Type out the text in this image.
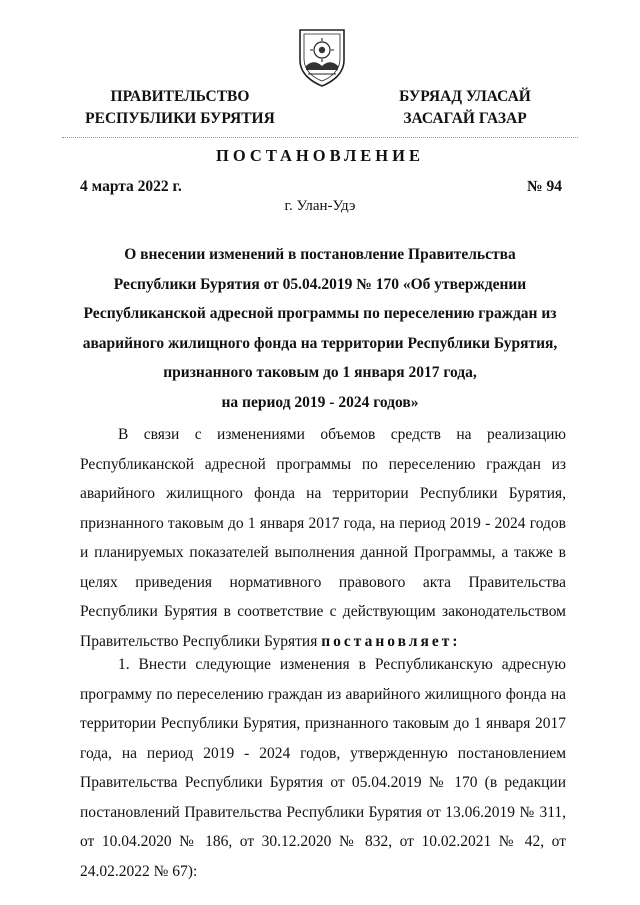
ПРАВИТЕЛЬСТВО
РЕСПУБЛИКИ БУРЯТИЯ
БУРЯАД УЛАСАЙ
ЗАСАГАЙ ГАЗАР
ПОСТАНОВЛЕНИЕ
4 марта 2022 г.	№ 94
г. Улан-Удэ
О внесении изменений в постановление Правительства
Республики Бурятия от 05.04.2019 № 170 «Об утверждении
Республиканской адресной программы по переселению граждан из
аварийного жилищного фонда на территории Республики Бурятия,
признанного таковым до 1 января 2017 года,
на период 2019 - 2024 годов»
В связи с изменениями объемов средств на реализацию Республиканской адресной программы по переселению граждан из аварийного жилищного фонда на территории Республики Бурятия, признанного таковым до 1 января 2017 года, на период 2019 - 2024 годов и планируемых показателей выполнения данной Программы, а также в целях приведения нормативного правового акта Правительства Республики Бурятия в соответствие с действующим законодательством Правительство Республики Бурятия постановляет:
1. Внести следующие изменения в Республиканскую адресную программу по переселению граждан из аварийного жилищного фонда на территории Республики Бурятия, признанного таковым до 1 января 2017 года, на период 2019 - 2024 годов, утвержденную постановлением Правительства Республики Бурятия от 05.04.2019 № 170 (в редакции постановлений Правительства Республики Бурятия от 13.06.2019 № 311, от 10.04.2020 № 186, от 30.12.2020 № 832, от 10.02.2021 № 42, от 24.02.2022 № 67):
